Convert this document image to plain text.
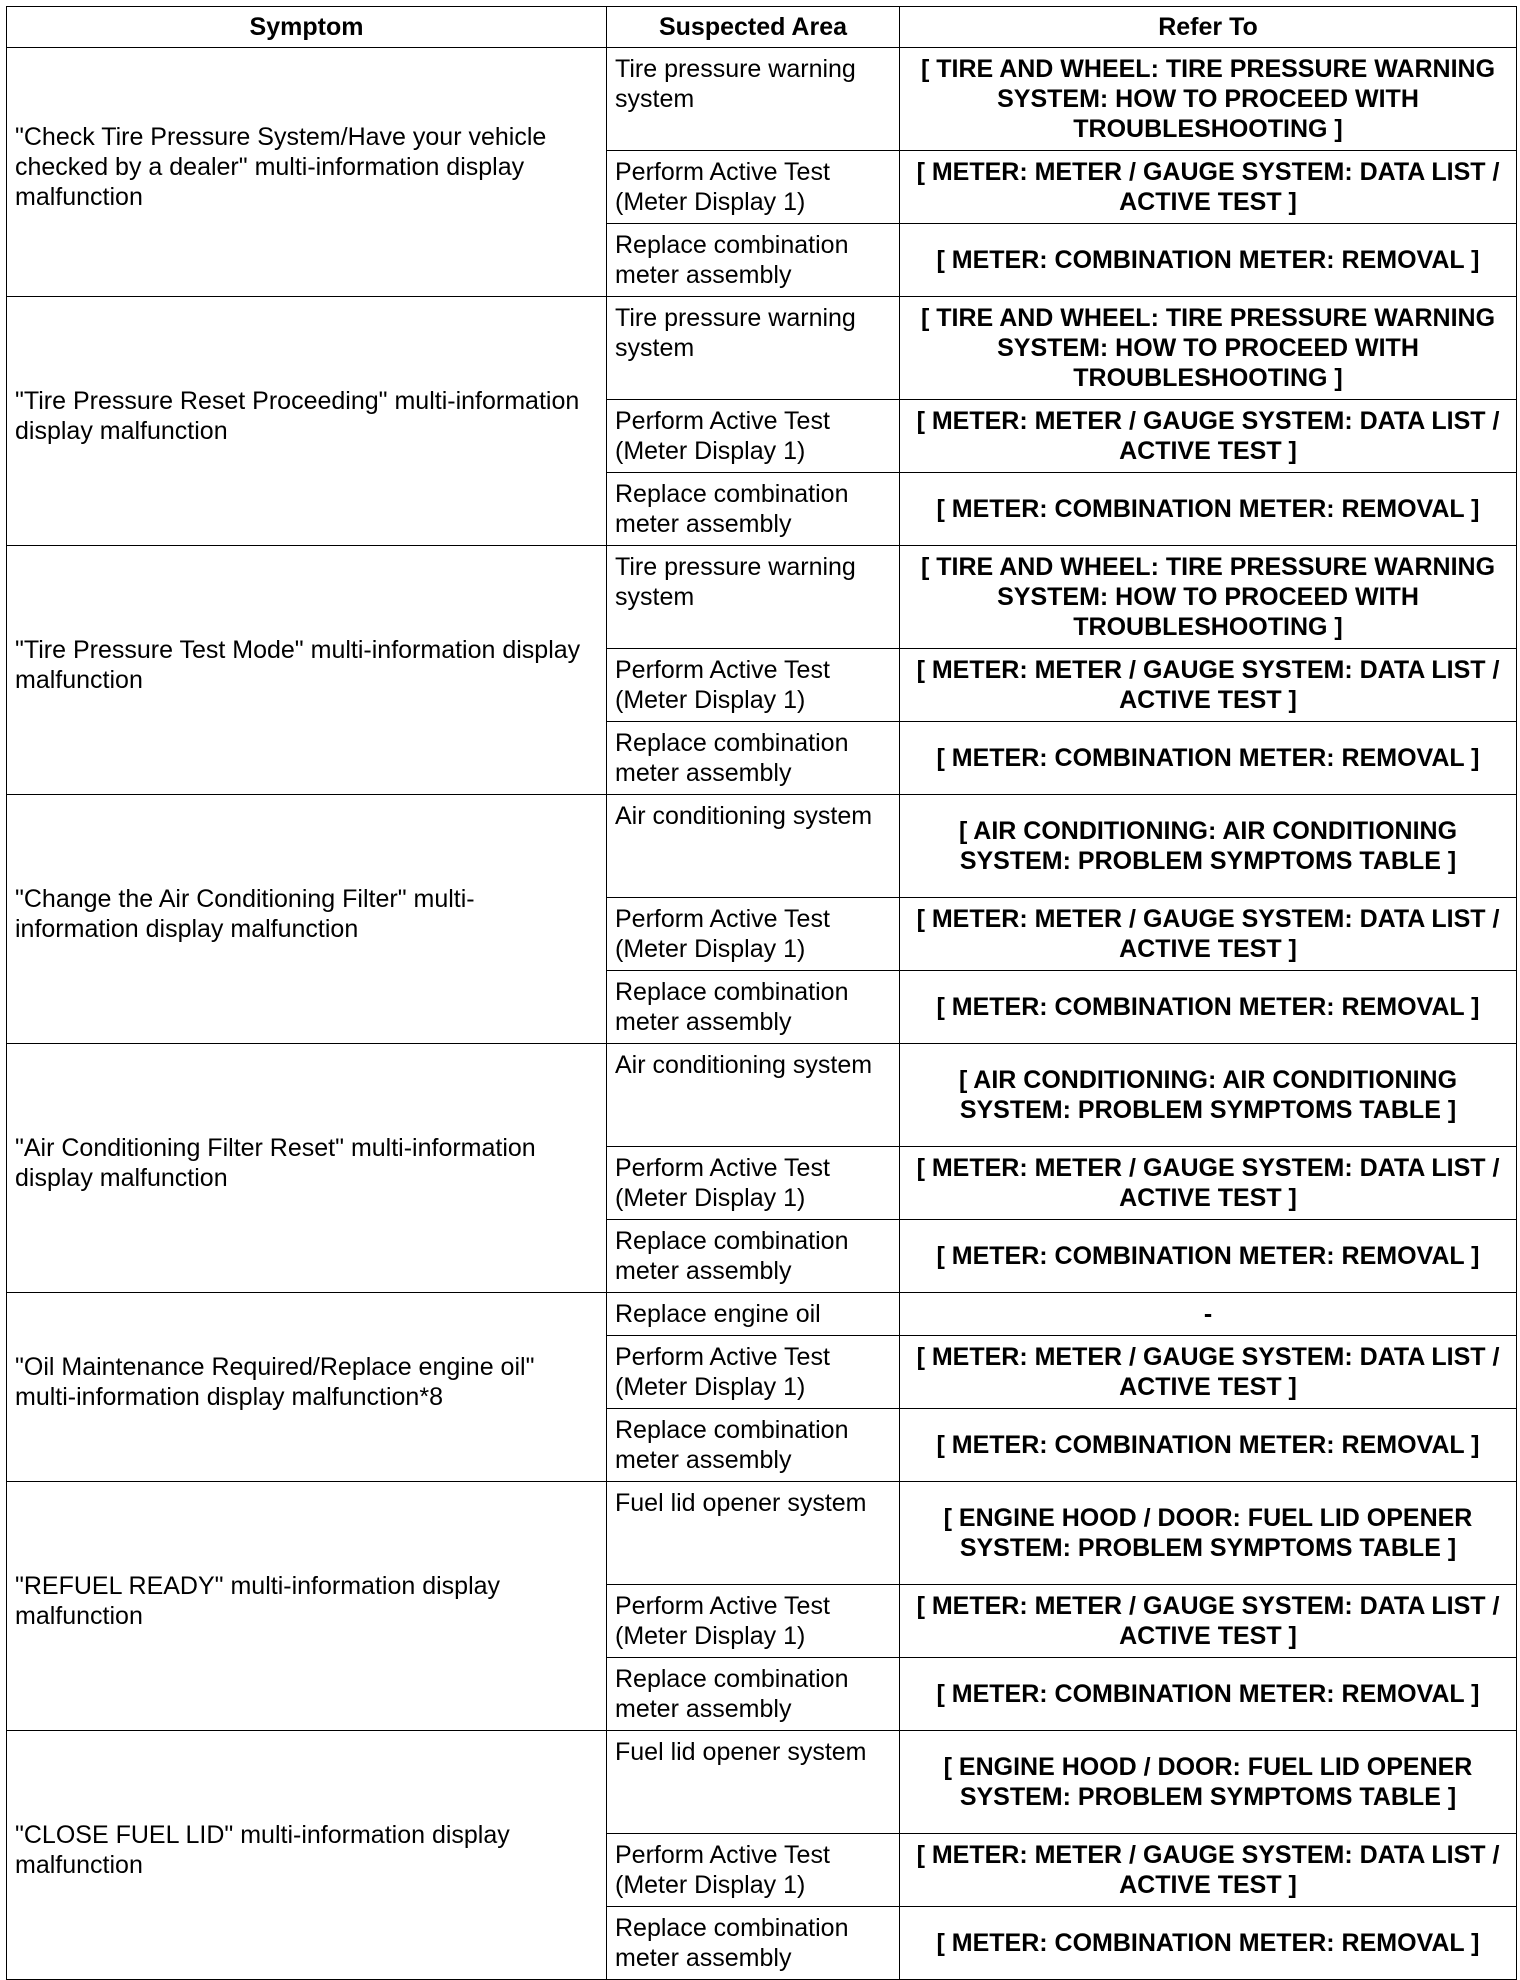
Symptom	Suspected Area	Refer To

"Check Tire Pressure System/Have your vehicle checked by a dealer" multi-information display malfunction	Tire pressure warning system	[ TIRE AND WHEEL: TIRE PRESSURE WARNING SYSTEM: HOW TO PROCEED WITH TROUBLESHOOTING ]
	Perform Active Test (Meter Display 1)	[ METER: METER / GAUGE SYSTEM: DATA LIST / ACTIVE TEST ]
	Replace combination meter assembly	[ METER: COMBINATION METER: REMOVAL ]

"Tire Pressure Reset Proceeding" multi-information display malfunction	Tire pressure warning system	[ TIRE AND WHEEL: TIRE PRESSURE WARNING SYSTEM: HOW TO PROCEED WITH TROUBLESHOOTING ]
	Perform Active Test (Meter Display 1)	[ METER: METER / GAUGE SYSTEM: DATA LIST / ACTIVE TEST ]
	Replace combination meter assembly	[ METER: COMBINATION METER: REMOVAL ]

"Tire Pressure Test Mode" multi-information display malfunction	Tire pressure warning system	[ TIRE AND WHEEL: TIRE PRESSURE WARNING SYSTEM: HOW TO PROCEED WITH TROUBLESHOOTING ]
	Perform Active Test (Meter Display 1)	[ METER: METER / GAUGE SYSTEM: DATA LIST / ACTIVE TEST ]
	Replace combination meter assembly	[ METER: COMBINATION METER: REMOVAL ]

"Change the Air Conditioning Filter" multi-information display malfunction	Air conditioning system	[ AIR CONDITIONING: AIR CONDITIONING SYSTEM: PROBLEM SYMPTOMS TABLE ]
	Perform Active Test (Meter Display 1)	[ METER: METER / GAUGE SYSTEM: DATA LIST / ACTIVE TEST ]
	Replace combination meter assembly	[ METER: COMBINATION METER: REMOVAL ]

"Air Conditioning Filter Reset" multi-information display malfunction	Air conditioning system	[ AIR CONDITIONING: AIR CONDITIONING SYSTEM: PROBLEM SYMPTOMS TABLE ]
	Perform Active Test (Meter Display 1)	[ METER: METER / GAUGE SYSTEM: DATA LIST / ACTIVE TEST ]
	Replace combination meter assembly	[ METER: COMBINATION METER: REMOVAL ]

"Oil Maintenance Required/Replace engine oil" multi-information display malfunction*8	Replace engine oil	-
	Perform Active Test (Meter Display 1)	[ METER: METER / GAUGE SYSTEM: DATA LIST / ACTIVE TEST ]
	Replace combination meter assembly	[ METER: COMBINATION METER: REMOVAL ]

"REFUEL READY" multi-information display malfunction	Fuel lid opener system	[ ENGINE HOOD / DOOR: FUEL LID OPENER SYSTEM: PROBLEM SYMPTOMS TABLE ]
	Perform Active Test (Meter Display 1)	[ METER: METER / GAUGE SYSTEM: DATA LIST / ACTIVE TEST ]
	Replace combination meter assembly	[ METER: COMBINATION METER: REMOVAL ]

"CLOSE FUEL LID" multi-information display malfunction	Fuel lid opener system	[ ENGINE HOOD / DOOR: FUEL LID OPENER SYSTEM: PROBLEM SYMPTOMS TABLE ]
	Perform Active Test (Meter Display 1)	[ METER: METER / GAUGE SYSTEM: DATA LIST / ACTIVE TEST ]
	Replace combination meter assembly	[ METER: COMBINATION METER: REMOVAL ]
